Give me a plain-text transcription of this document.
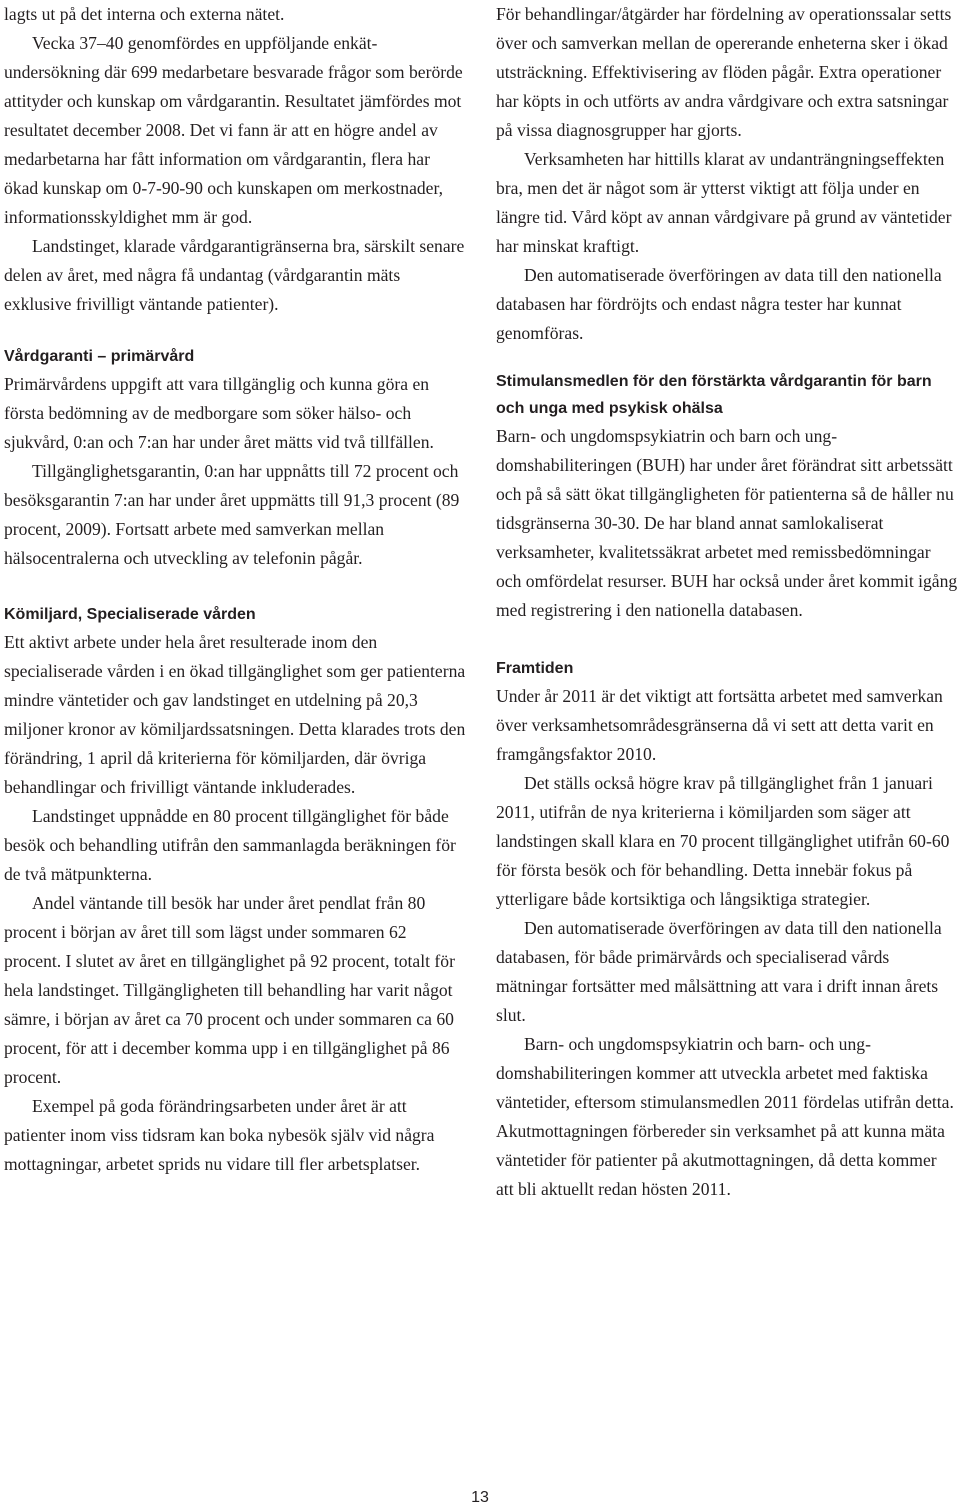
lagts ut på det interna och externa nätet.

Vecka 37–40 genomfördes en uppföljande enkätundersökning där 699 medarbetare besvarade frågor som berörde attityder och kunskap om vårdgarantin. Resultatet jämfördes mot resultatet december 2008. Det vi fann är att en högre andel av medarbetarna har fått information om vårdgarantin, flera har ökad kunskap om 0-7-90-90 och kunskapen om merkostnader, informationsskyldighet mm är god.

Landstinget, klarade vårdgarantigränserna bra, särskilt senare delen av året, med några få undantag (vårdgarantin mäts exklusive frivilligt väntande patienter).

Vårdgaranti – primärvård

Primärvårdens uppgift att vara tillgänglig och kunna göra en första bedömning av de medborgare som söker hälso- och sjukvård, 0:an och 7:an har under året mätts vid två tillfällen.

Tillgänglighetsgarantin, 0:an har uppnåtts till 72 procent och besöksgarantin 7:an har under året uppmätts till 91,3 procent (89 procent, 2009). Fortsatt arbete med samverkan mellan hälsocentralerna och utveckling av telefonin pågår.

Kömiljard, Specialiserade vården

Ett aktivt arbete under hela året resulterade inom den specialiserade vården i en ökad tillgänglighet som ger patienterna mindre väntetider och gav landstinget en utdelning på 20,3 miljoner kronor av kömiljardssatsningen. Detta klarades trots den förändring, 1 april då kriterierna för kömiljarden, där övriga behandlingar och frivilligt väntande inkluderades.

Landstinget uppnådde en 80 procent tillgänglighet för både besök och behandling utifrån den sammanlagda beräkningen för de två mätpunkterna.

Andel väntande till besök har under året pendlat från 80 procent i början av året till som lägst under sommaren 62 procent. I slutet av året en tillgänglighet på 92 procent, totalt för hela landstinget. Tillgängligheten till behandling har varit något sämre, i början av året ca 70 procent och under sommaren ca 60 procent, för att i december komma upp i en tillgänglighet på 86 procent.

Exempel på goda förändringsarbeten under året är att patienter inom viss tidsram kan boka nybesök själv vid några mottagningar, arbetet sprids nu vidare till fler arbetsplatser.

För behandlingar/åtgärder har fördelning av operationssalar setts över och samverkan mellan de opererande enheterna sker i ökad utsträckning. Effektivisering av flöden pågår. Extra operationer har köpts in och utförts av andra vårdgivare och extra satsningar på vissa diagnosgrupper har gjorts.

Verksamheten har hittills klarat av undanträngningseffekten bra, men det är något som är ytterst viktigt att följa under en längre tid. Vård köpt av annan vårdgivare på grund av väntetider har minskat kraftigt.

Den automatiserade överföringen av data till den nationella databasen har fördröjts och endast några tester har kunnat genomföras.

Stimulansmedlen för den förstärkta vårdgarantin för barn och unga med psykisk ohälsa

Barn- och ungdomspsykiatrin och barn och ungdomshabiliteringen (BUH) har under året förändrat sitt arbetssätt och på så sätt ökat tillgängligheten för patienterna så de håller nu tidsgränserna 30-30. De har bland annat samlokaliserat verksamheter, kvalitetssäkrat arbetet med remissbedömningar och omfördelat resurser. BUH har också under året kommit igång med registrering i den nationella databasen.

Framtiden

Under år 2011 är det viktigt att fortsätta arbetet med samverkan över verksamhetsområdesgränserna då vi sett att detta varit en framgångsfaktor 2010.

Det ställs också högre krav på tillgänglighet från 1 januari 2011, utifrån de nya kriterierna i kömiljarden som säger att landstingen skall klara en 70 procent tillgänglighet utifrån 60-60 för första besök och för behandling. Detta innebär fokus på ytterligare både kortsiktiga och långsiktiga strategier.

Den automatiserade överföringen av data till den nationella databasen, för både primärvårds och specialiserad vårds mätningar fortsätter med målsättning att vara i drift innan årets slut.

Barn- och ungdomspsykiatrin och barn- och ungdomshabiliteringen kommer att utveckla arbetet med faktiska väntetider, eftersom stimulansmedlen 2011 fördelas utifrån detta. Akutmottagningen förbereder sin verksamhet på att kunna mäta väntetider för patienter på akutmottagningen, då detta kommer att bli aktuellt redan hösten 2011.

13
